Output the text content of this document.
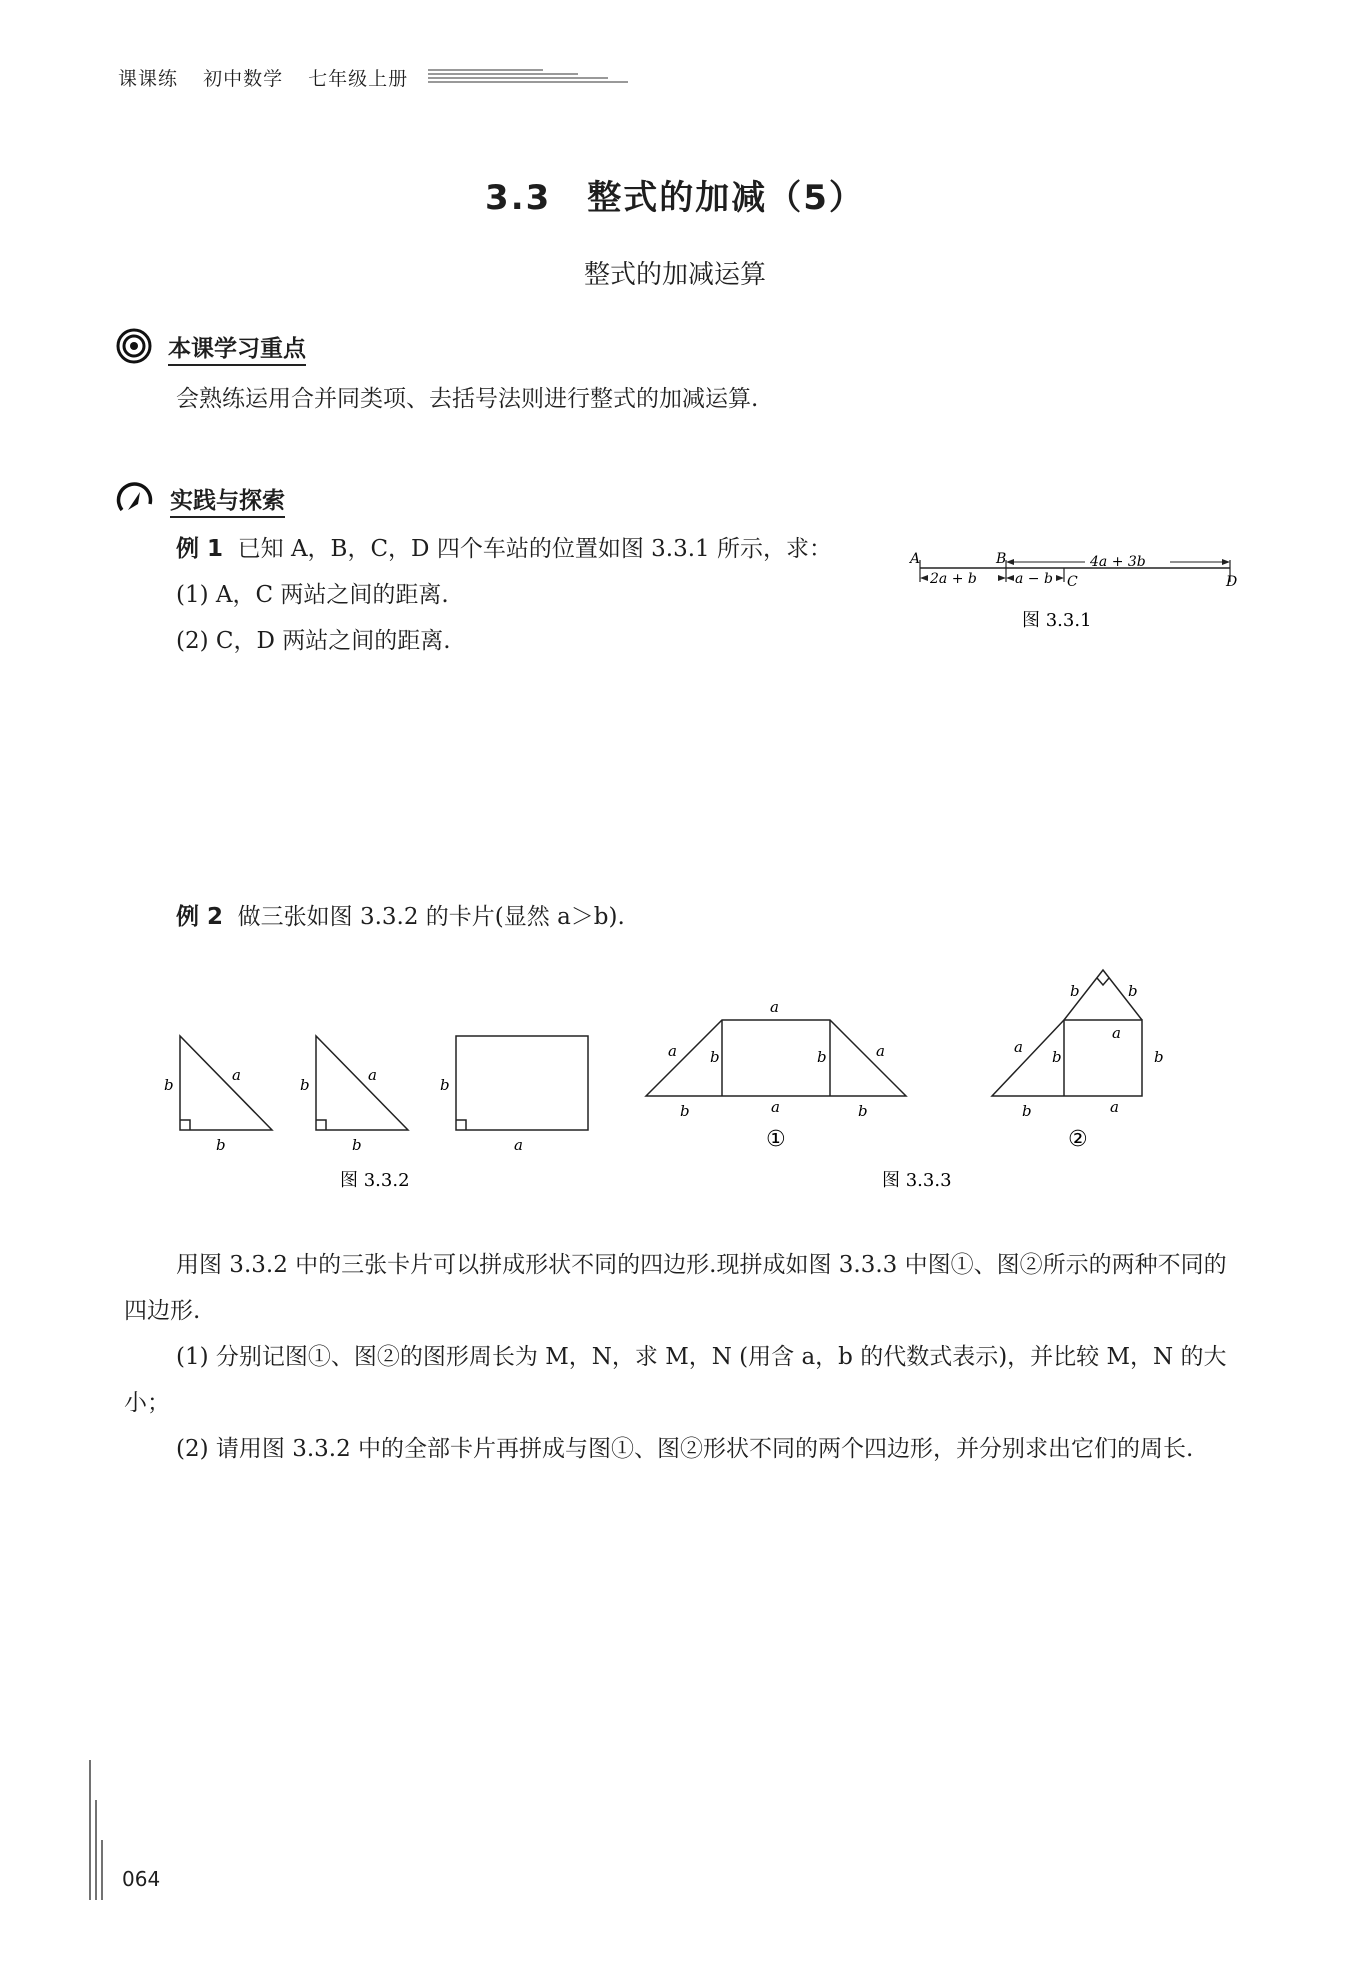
课课练 初中数学 七年级上册
3.3　整式的加减（5）
整式的加减运算
本课学习重点
会熟练运用合并同类项、去括号法则进行整式的加减运算.
实践与探索
例 1 已知 A，B，C，D 四个车站的位置如图 3.3.1 所示，求：
(1) A，C 两站之间的距离.
(2) C，D 两站之间的距离.
A	B
C	D
4a + 3b
2a + b	a − b
图 3.3.1
例 2 做三张如图 3.3.2 的卡片(显然 a＞b).
b
a
b
b
a
b
b
a
图 3.3.2
a
a b	b	a
b	a	b
①
b	b
a
a
b	b
b	a
②
图 3.3.3
用图 3.3.2 中的三张卡片可以拼成形状不同的四边形.现拼成如图 3.3.3 中图①、图②所示的两种不同的四边形.
(1) 分别记图①、图②的图形周长为 M，N，求 M，N (用含 a，b 的代数式表示)，并比较 M，N 的大小；
(2) 请用图 3.3.2 中的全部卡片再拼成与图①、图②形状不同的两个四边形，并分别求出它们的周长.
064
